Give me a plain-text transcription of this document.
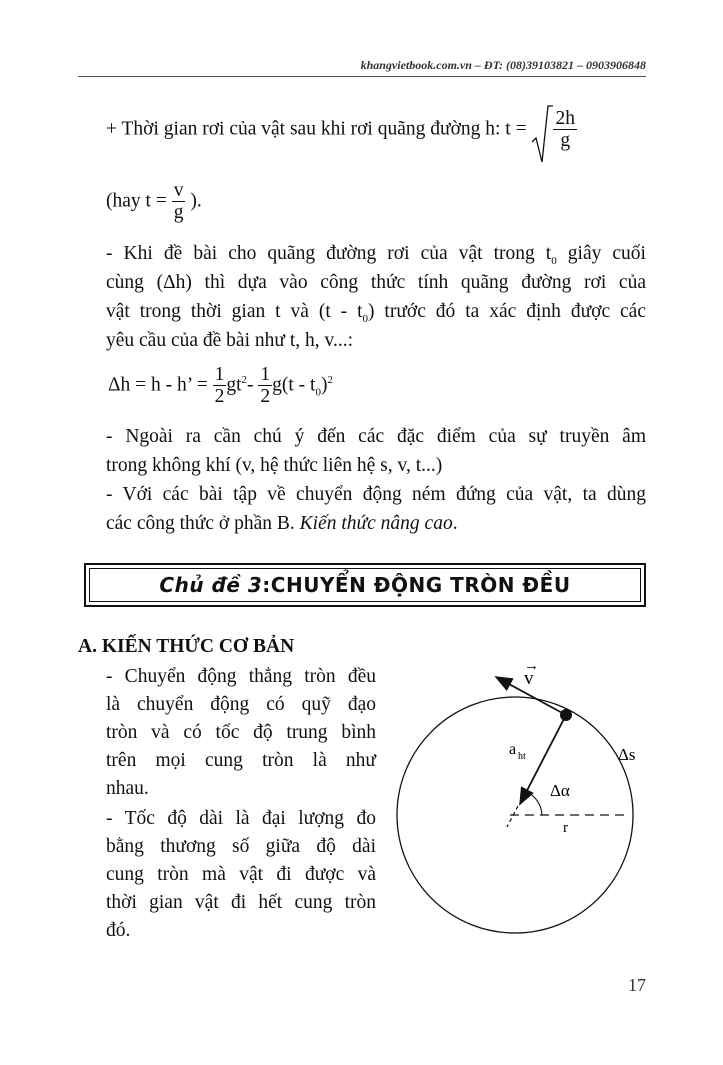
khangvietbook.com.vn – ĐT: (08)39103821 – 0903906848
+ Thời gian rơi của vật sau khi rơi quãng đường h: $t = \frac{2h}{g}$
(hay $t = \frac{v}{g}$ ).
- Khi đề bài cho quãng đường rơi của vật trong $t_0$ giây cuối
cùng (Δh) thì dựa vào công thức tính quãng đường rơi của
vật trong thời gian t và $(t - t_0)$ trước đó ta xác định được các
yêu cầu của đề bài như t, h, v...:
Δh = h - h’ = $\frac{1}{2} gt^2- \frac{1}{2} g(t - t_0)^2$
- Ngoài ra cần chú ý đến các đặc điểm của sự truyền âm
trong không khí (v, hệ thức liên hệ s, v, t...)
- Với các bài tập về chuyển động ném đứng của vật, ta dùng
các công thức ở phần B. Kiến thức nâng cao.
Chủ đề 3 : CHUYỂN ĐỘNG TRÒN ĐỀU
A. KIẾN THỨC CƠ BẢN
- Chuyển động thẳng tròn đều
là chuyển động có quỹ đạo
tròn và có tốc độ trung bình
trên mọi cung tròn là như
nhau.
- Tốc độ dài là đại lượng đo
bằng thương số giữa độ dài
cung tròn mà vật đi được và
thời gian vật đi hết cung tròn
đó.
→
v
a ht	Δs
Δα
r
17
